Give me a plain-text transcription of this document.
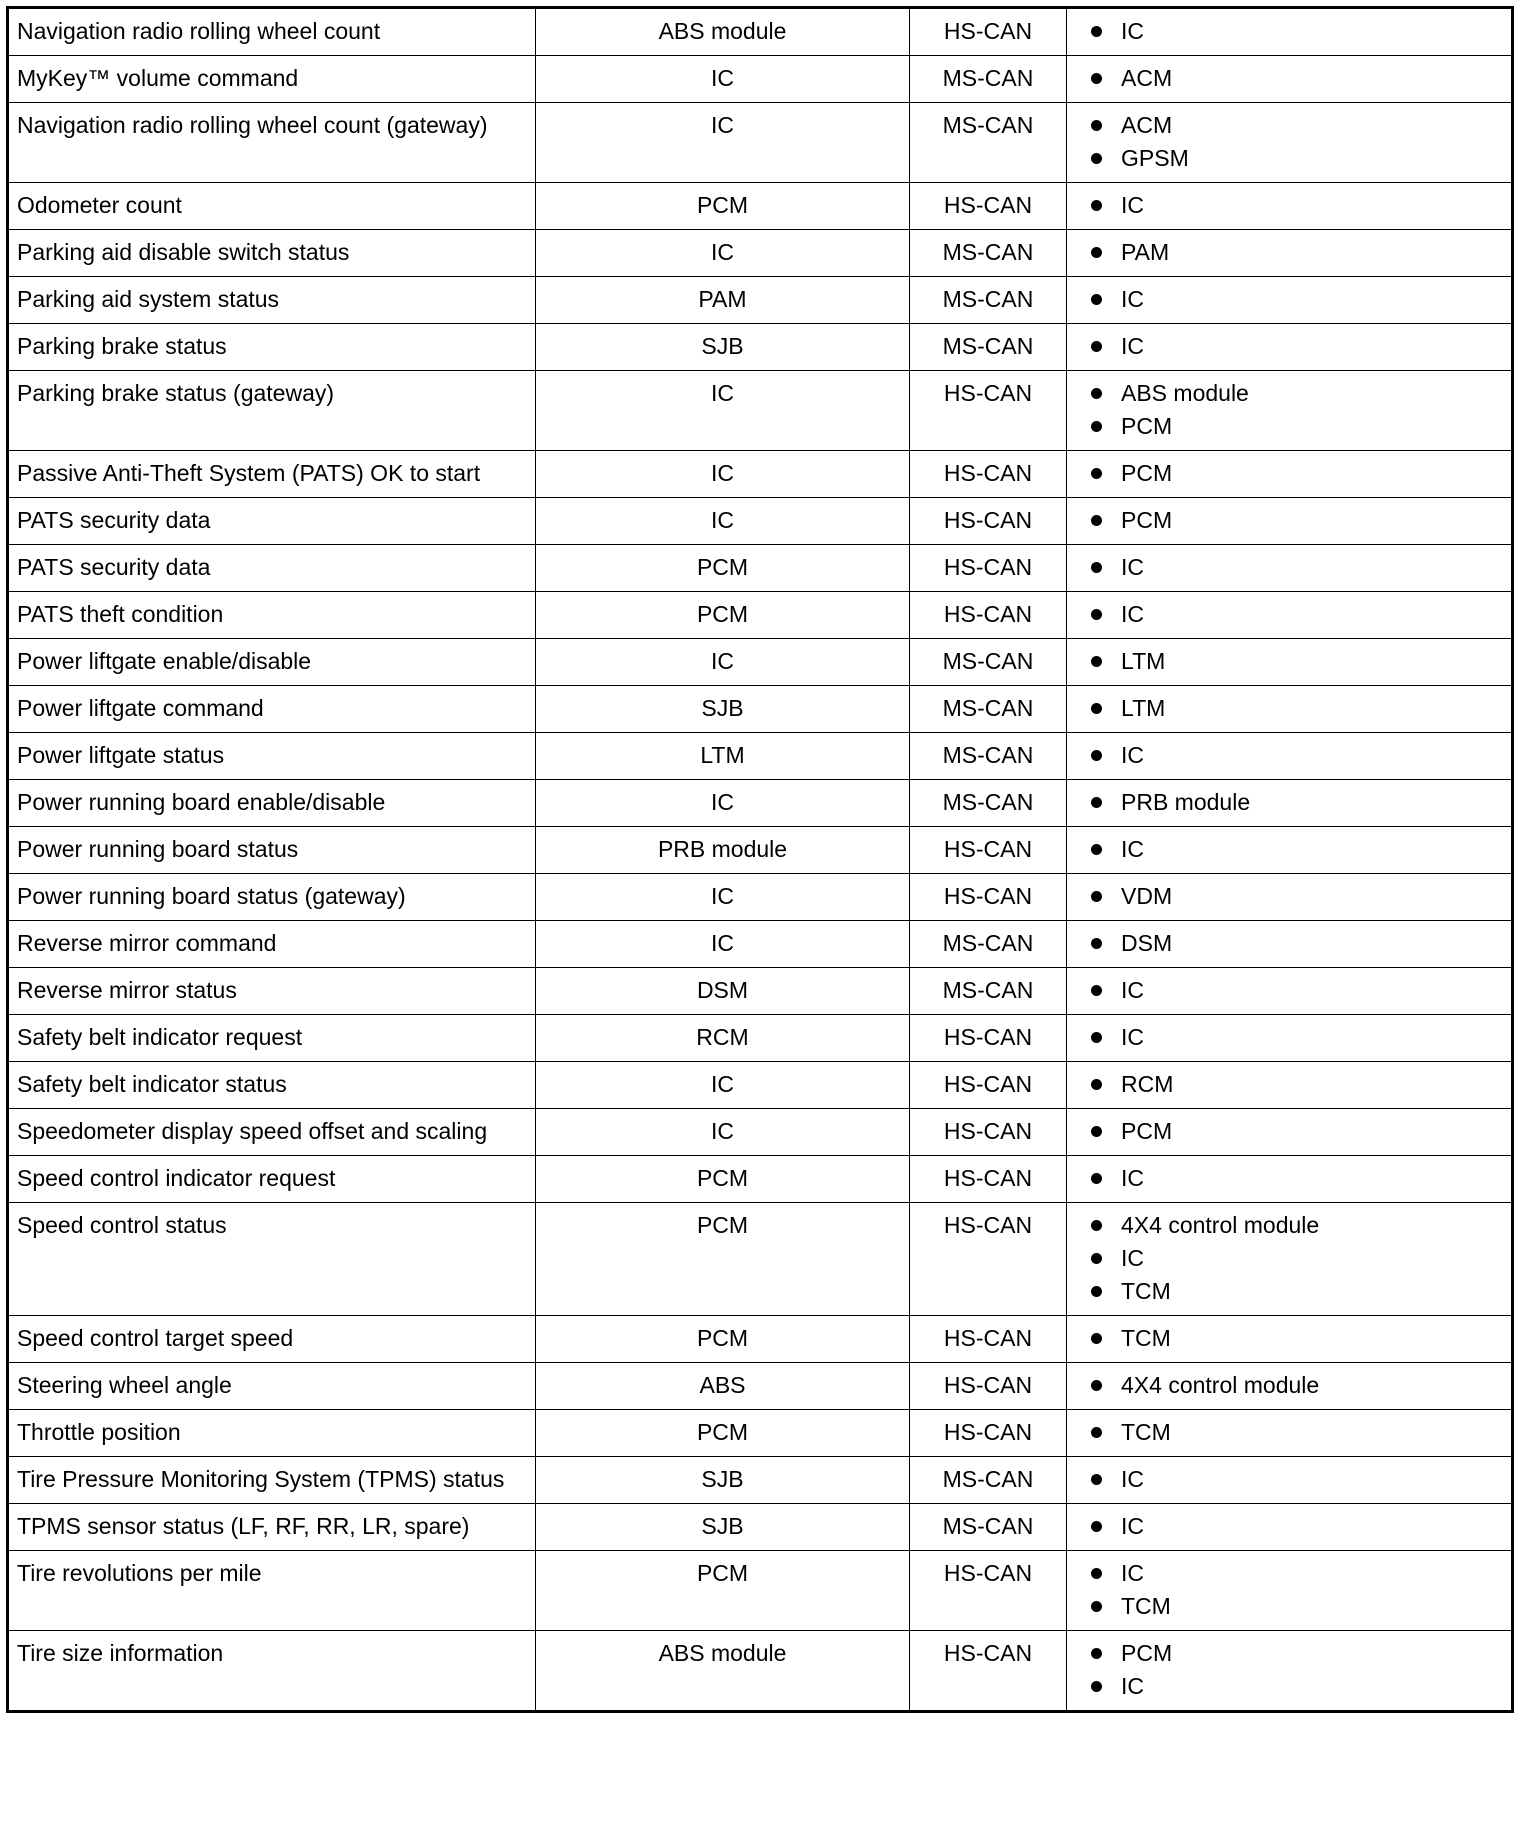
Navigation radio rolling wheel count	ABS module	HS-CAN	IC

MyKey™ volume command	IC	MS-CAN	ACM

Navigation radio rolling wheel count (gateway)	IC	MS-CAN	ACM
GPSM

Odometer count	PCM	HS-CAN	IC

Parking aid disable switch status	IC	MS-CAN	PAM

Parking aid system status	PAM	MS-CAN	IC

Parking brake status	SJB	MS-CAN	IC

Parking brake status (gateway)	IC	HS-CAN	ABS module
PCM

Passive Anti-Theft System (PATS) OK to start	IC	HS-CAN	PCM

PATS security data	IC	HS-CAN	PCM

PATS security data	PCM	HS-CAN	IC

PATS theft condition	PCM	HS-CAN	IC

Power liftgate enable/disable	IC	MS-CAN	LTM

Power liftgate command	SJB	MS-CAN	LTM

Power liftgate status	LTM	MS-CAN	IC

Power running board enable/disable	IC	MS-CAN	PRB module

Power running board status	PRB module	HS-CAN	IC

Power running board status (gateway)	IC	HS-CAN	VDM

Reverse mirror command	IC	MS-CAN	DSM

Reverse mirror status	DSM	MS-CAN	IC

Safety belt indicator request	RCM	HS-CAN	IC

Safety belt indicator status	IC	HS-CAN	RCM

Speedometer display speed offset and scaling	IC	HS-CAN	PCM

Speed control indicator request	PCM	HS-CAN	IC

Speed control status	PCM	HS-CAN	4X4 control module
IC
TCM

Speed control target speed	PCM	HS-CAN	TCM

Steering wheel angle	ABS	HS-CAN	4X4 control module

Throttle position	PCM	HS-CAN	TCM

Tire Pressure Monitoring System (TPMS) status	SJB	MS-CAN	IC

TPMS sensor status (LF, RF, RR, LR, spare)	SJB	MS-CAN	IC

Tire revolutions per mile	PCM	HS-CAN	IC
TCM

Tire size information	ABS module	HS-CAN	PCM
IC
